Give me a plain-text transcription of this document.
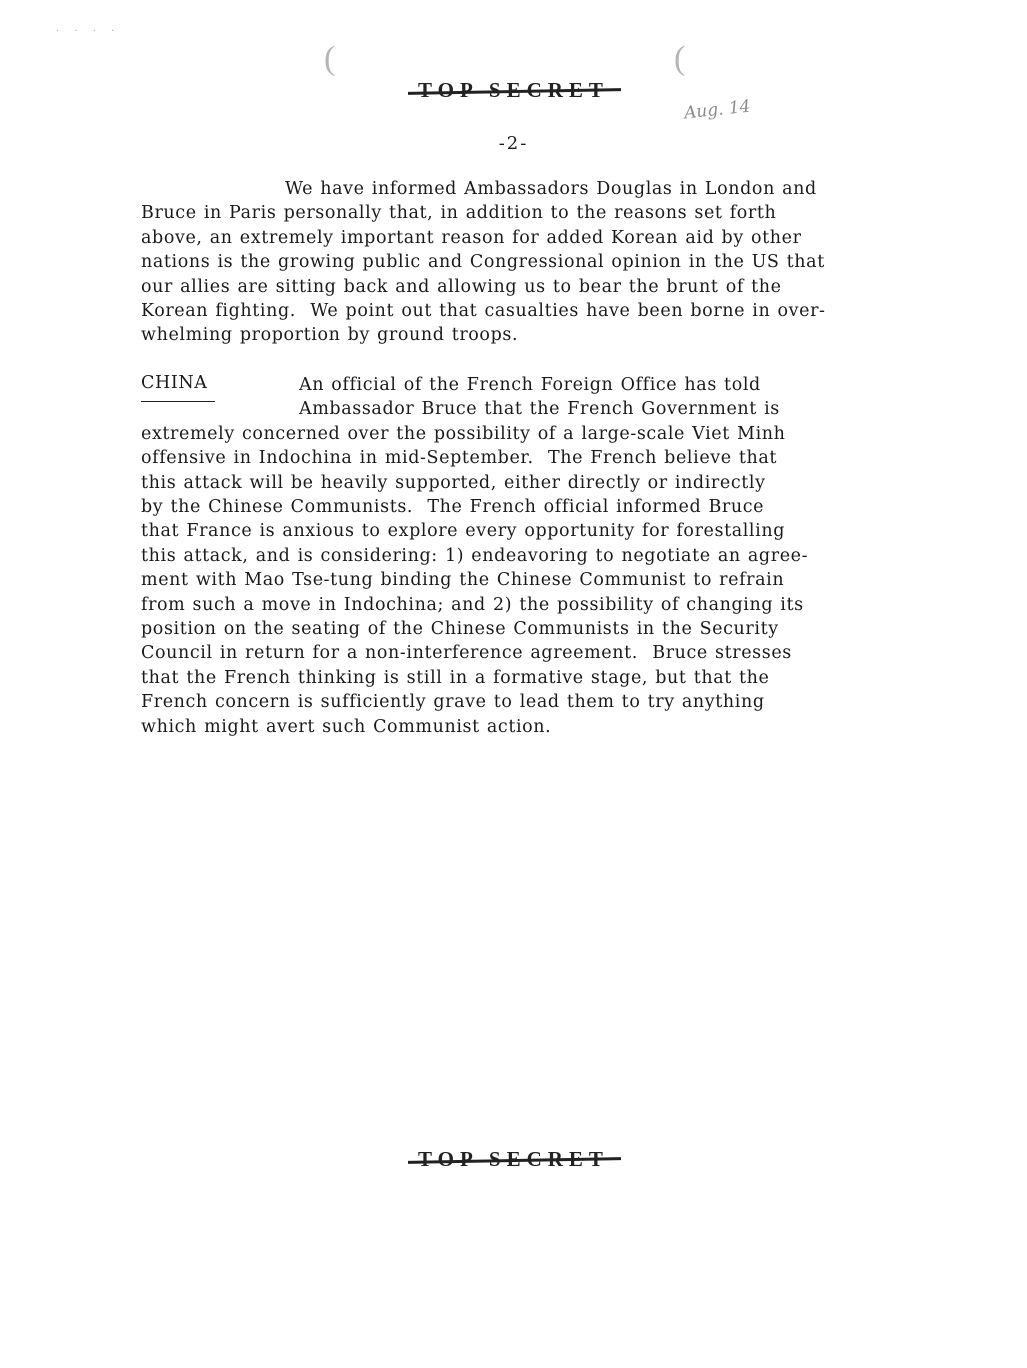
· · · ·
(	(
TOP SECRET
Aug. 14
-2-
We have informed Ambassadors Douglas in London and
Bruce in Paris personally that, in addition to the reasons set forth
above, an extremely important reason for added Korean aid by other
nations is the growing public and Congressional opinion in the US that
our allies are sitting back and allowing us to bear the brunt of the
Korean fighting.  We point out that casualties have been borne in over-
whelming proportion by ground troops.
CHINA	An official of the French Foreign Office has told
Ambassador Bruce that the French Government is
extremely concerned over the possibility of a large-scale Viet Minh
offensive in Indochina in mid-September.  The French believe that
this attack will be heavily supported, either directly or indirectly
by the Chinese Communists.  The French official informed Bruce
that France is anxious to explore every opportunity for forestalling
this attack, and is considering: 1) endeavoring to negotiate an agree-
ment with Mao Tse-tung binding the Chinese Communist to refrain
from such a move in Indochina; and 2) the possibility of changing its
position on the seating of the Chinese Communists in the Security
Council in return for a non-interference agreement.  Bruce stresses
that the French thinking is still in a formative stage, but that the
French concern is sufficiently grave to lead them to try anything
which might avert such Communist action.
TOP SECRET
